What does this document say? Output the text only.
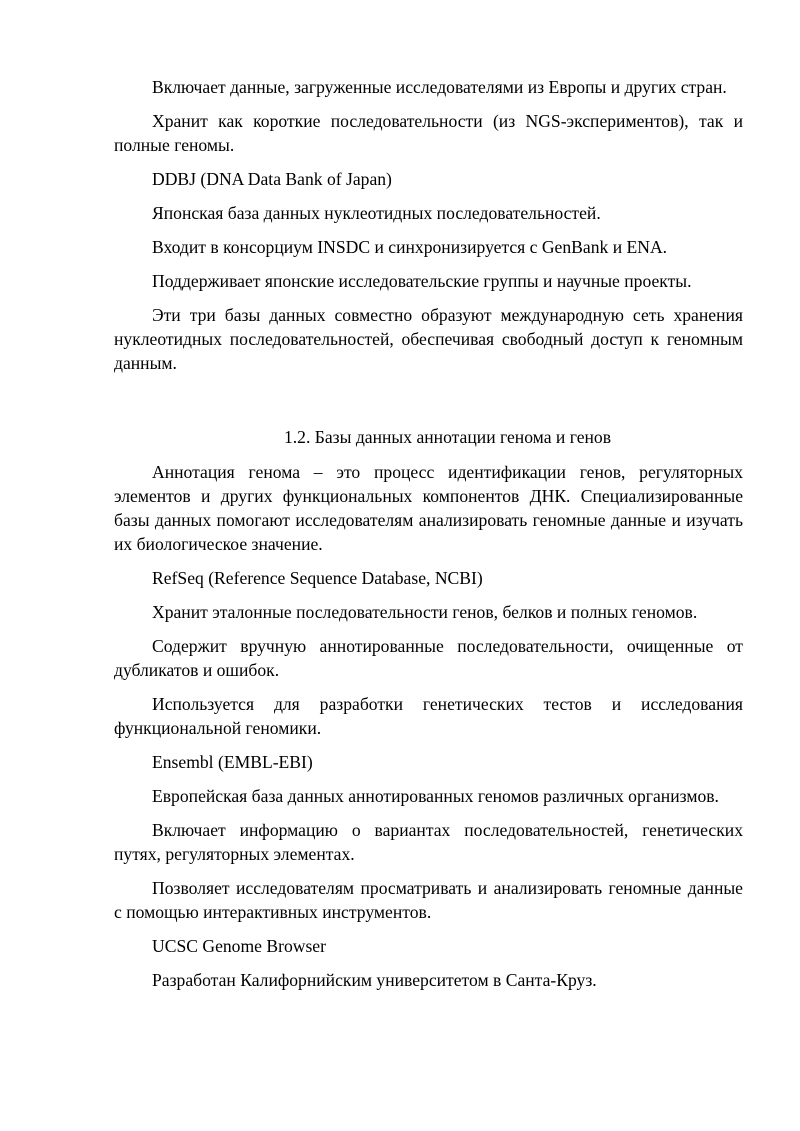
Включает данные, загруженные исследователями из Европы и других стран.

Хранит как короткие последовательности (из NGS-экспериментов), так и полные геномы.

DDBJ (DNA Data Bank of Japan)

Японская база данных нуклеотидных последовательностей.

Входит в консорциум INSDC и синхронизируется с GenBank и ENA.

Поддерживает японские исследовательские группы и научные проекты.

Эти три базы данных совместно образуют международную сеть хранения нуклеотидных последовательностей, обеспечивая свободный доступ к геномным данным.

1.2. Базы данных аннотации генома и генов

Аннотация генома – это процесс идентификации генов, регуляторных элементов и других функциональных компонентов ДНК. Специализированные базы данных помогают исследователям анализировать геномные данные и изучать их биологическое значение.

RefSeq (Reference Sequence Database, NCBI)

Хранит эталонные последовательности генов, белков и полных геномов.

Содержит вручную аннотированные последовательности, очищенные от дубликатов и ошибок.

Используется для разработки генетических тестов и исследования функциональной геномики.

Ensembl (EMBL-EBI)

Европейская база данных аннотированных геномов различных организмов.

Включает информацию о вариантах последовательностей, генетических путях, регуляторных элементах.

Позволяет исследователям просматривать и анализировать геномные данные с помощью интерактивных инструментов.

UCSC Genome Browser

Разработан Калифорнийским университетом в Санта-Круз.
